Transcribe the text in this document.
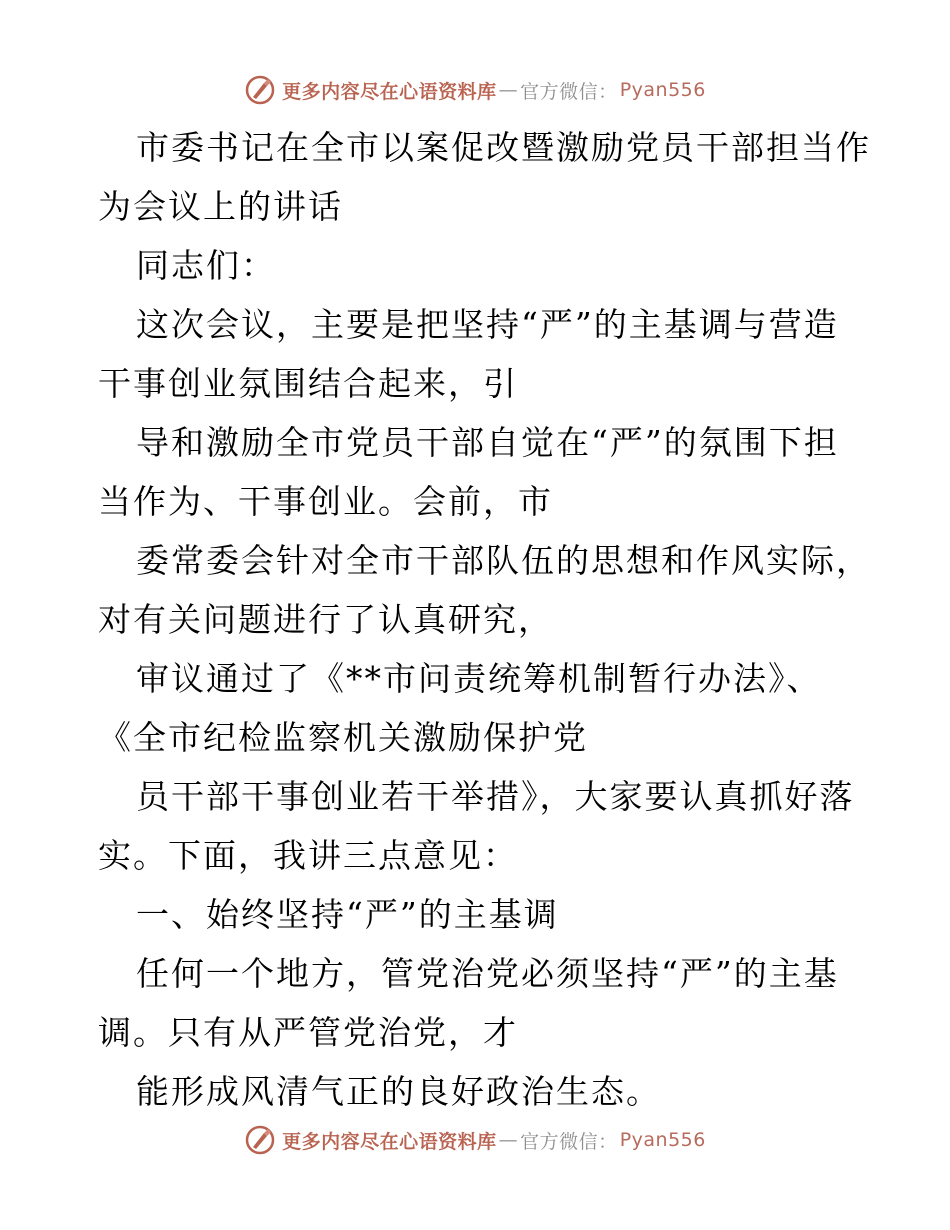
更多内容尽在心语资料库 — 官方微信： Pyan556
市委书记在全市以案促改暨激励党员干部担当作
为会议上的讲话
同志们：
这次会议，主要是把坚持“严”的主基调与营造
干事创业氛围结合起来，引
导和激励全市党员干部自觉在“严”的氛围下担
当作为、干事创业。会前，市
委常委会针对全市干部队伍的思想和作风实际，
对有关问题进行了认真研究，
审议通过了《**市问责统筹机制暂行办法》、
《全市纪检监察机关激励保护党
员干部干事创业若干举措》，大家要认真抓好落
实。下面，我讲三点意见：
一、始终坚持“严”的主基调
任何一个地方，管党治党必须坚持“严”的主基
调。只有从严管党治党，才
能形成风清气正的良好政治生态。
更多内容尽在心语资料库 — 官方微信： Pyan556
